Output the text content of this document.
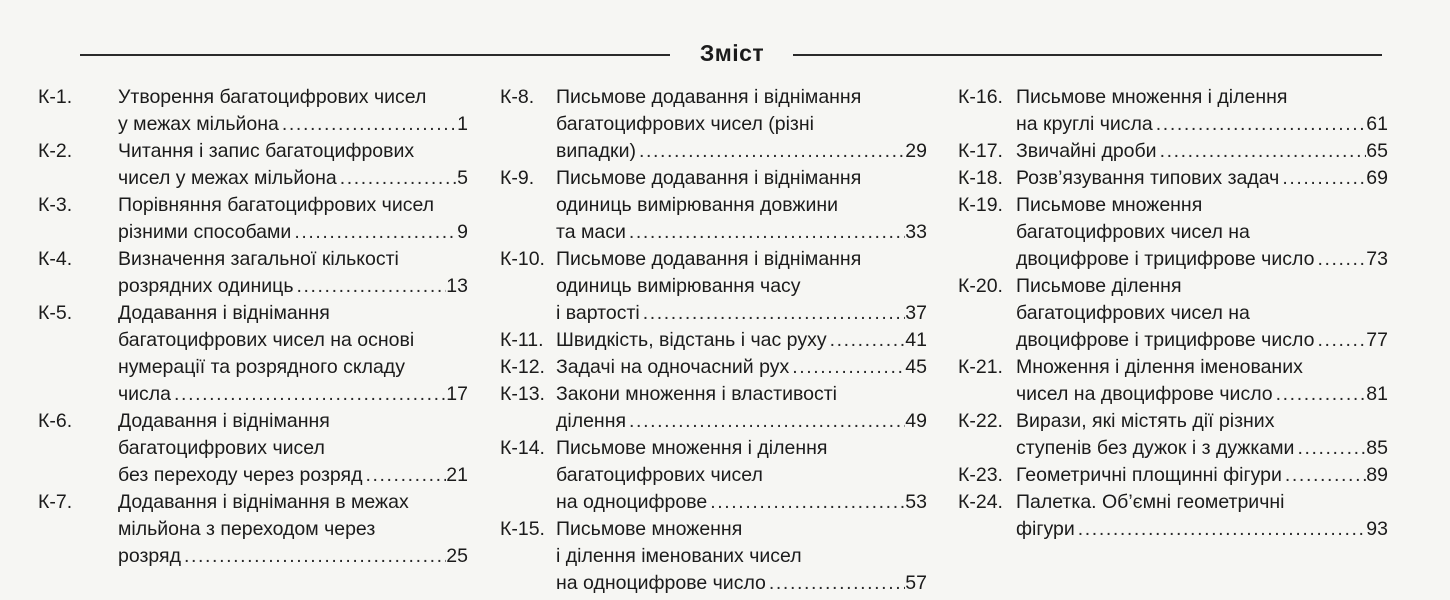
Зміст
К-1.	Утворення багатоцифрових чисел
у межах мільйона .....	1
К-2.	Читання і запис багатоцифрових
чисел у межах мільйона .....	5
К-3.	Порівняння багатоцифрових чисел
різними способами .....	9
К-4.	Визначення загальної кількості
розрядних одиниць .....	13
К-5.	Додавання і віднімання
багатоцифрових чисел на основі
нумерації та розрядного складу
числа .....	17
К-6.	Додавання і віднімання
багатоцифрових чисел
без переходу через розряд .....	21
К-7.	Додавання і віднімання в межах
мільйона з переходом через
розряд .....	25
К-8.	Письмове додавання і віднімання
багатоцифрових чисел (різні
випадки) .....	29
К-9.	Письмове додавання і віднімання
одиниць вимірювання довжини
та маси .....	33
К-10. Письмове додавання і віднімання
одиниць вимірювання часу
і вартості .....	37
К-11. Швидкість, відстань і час руху .....	41
К-12. Задачі на одночасний рух .....	45
К-13. Закони множення і властивості
ділення .....	49
К-14. Письмове множення і ділення
багатоцифрових чисел
на одноцифрове .....	53
К-15. Письмове множення
і ділення іменованих чисел
на одноцифрове число .....	57
К-16. Письмове множення і ділення
на круглі числа .....	61
К-17. Звичайні дроби .....	65
К-18. Розв’язування типових задач .....	69
К-19. Письмове множення
багатоцифрових чисел на
двоцифрове і трицифрове число .....	73
К-20. Письмове ділення
багатоцифрових чисел на
двоцифрове і трицифрове число .....	77
К-21. Множення і ділення іменованих
чисел на двоцифрове число .....	81
К-22. Вирази, які містять дії різних
ступенів без дужок і з дужками .....	85
К-23. Геометричні площинні фігури .....	89
К-24. Палетка. Об’ємні геометричні
фігури .....	93
